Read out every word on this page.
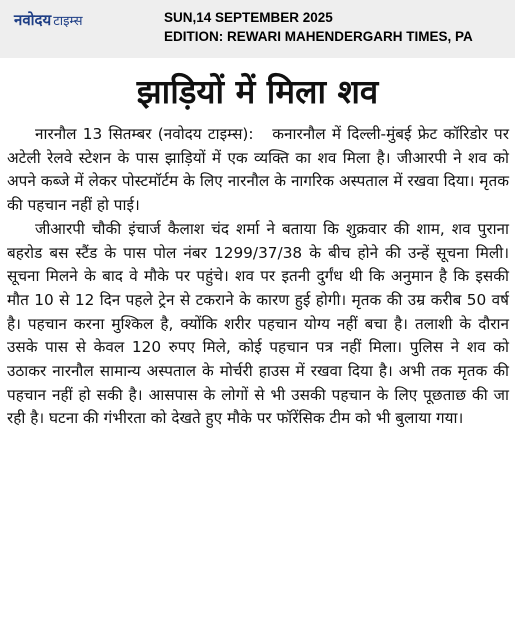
नवोदय टाइम्स	SUN,14 SEPTEMBER 2025
EDITION: REWARI MAHENDERGARH TIMES, PA
झाड़ियों में मिला शव

नारनौल 13 सितम्बर (नवोदय टाइम्स): कनारनौल में दिल्ली-मुंबई फ्रेट कॉरिडोर पर अटेली रेलवे स्टेशन के पास झाड़ियों में एक व्यक्ति का शव मिला है। जीआरपी ने शव को अपने कब्जे में लेकर पोस्टमॉर्टम के लिए नारनौल के नागरिक अस्पताल में रखवा दिया। मृतक की पहचान नहीं हो पाई।

जीआरपी चौकी इंचार्ज कैलाश चंद शर्मा ने बताया कि शुक्रवार की शाम, शव पुराना बहरोड बस स्टैंड के पास पोल नंबर 1299/37/38 के बीच होने की उन्हें सूचना मिली। सूचना मिलने के बाद वे मौके पर पहुंचे। शव पर इतनी दुर्गंध थी कि अनुमान है कि इसकी मौत 10 से 12 दिन पहले ट्रेन से टकराने के कारण हुई होगी। मृतक की उम्र करीब 50 वर्ष है। पहचान करना मुश्किल है, क्योंकि शरीर पहचान योग्य नहीं बचा है। तलाशी के दौरान उसके पास से केवल 120 रुपए मिले, कोई पहचान पत्र नहीं मिला। पुलिस ने शव को उठाकर नारनौल सामान्य अस्पताल के मोर्चरी हाउस में रखवा दिया है। अभी तक मृतक की पहचान नहीं हो सकी है। आसपास के लोगों से भी उसकी पहचान के लिए पूछताछ की जा रही है। घटना की गंभीरता को देखते हुए मौके पर फॉरेंसिक टीम को भी बुलाया गया।
